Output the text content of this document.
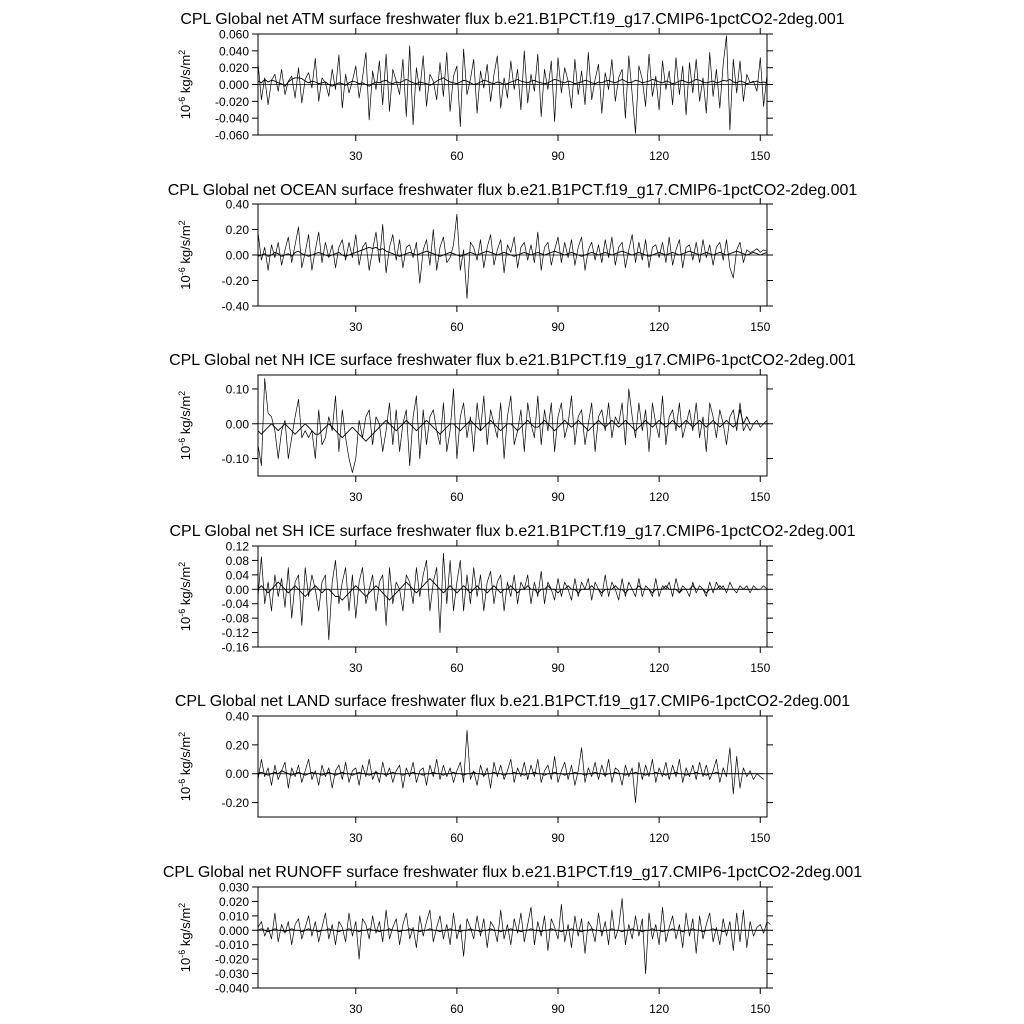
CPL Global net ATM surface freshwater flux b.e21.B1PCT.f19_g17.CMIP6-1pctCO2-2deg.001
$10^{-6}$ $kg/s/m^2$
-0.060
-0.040
-0.020
0.000
0.020
0.040
0.060
30	60	90	120	150
CPL Global net OCEAN surface freshwater flux b.e21.B1PCT.f19_g17.CMIP6-1pctCO2-2deg.001
$10^{-6}$ $kg/s/m^2$
-0.40
-0.20
0.00
0.20
0.40
30	60	90	120	150
CPL Global net NH ICE surface freshwater flux b.e21.B1PCT.f19_g17.CMIP6-1pctCO2-2deg.001
$10^{-6}$ $kg/s/m^2$
-0.10
0.00
0.10
30	60	90	120	150
CPL Global net SH ICE surface freshwater flux b.e21.B1PCT.f19_g17.CMIP6-1pctCO2-2deg.001
$10^{-6}$ $kg/s/m^2$
-0.16
-0.12
-0.08
-0.04
0.00
0.04
0.08
0.12
30	60	90	120	150
CPL Global net LAND surface freshwater flux b.e21.B1PCT.f19_g17.CMIP6-1pctCO2-2deg.001
$10^{-6}$ $kg/s/m^2$
-0.20
0.00
0.20
0.40
30	60	90	120	150
CPL Global net RUNOFF surface freshwater flux b.e21.B1PCT.f19_g17.CMIP6-1pctCO2-2deg.001
$10^{-6}$ $kg/s/m^2$
-0.040
-0.030
-0.020
-0.010
0.000
0.010
0.020
0.030
30	60	90	120	150
